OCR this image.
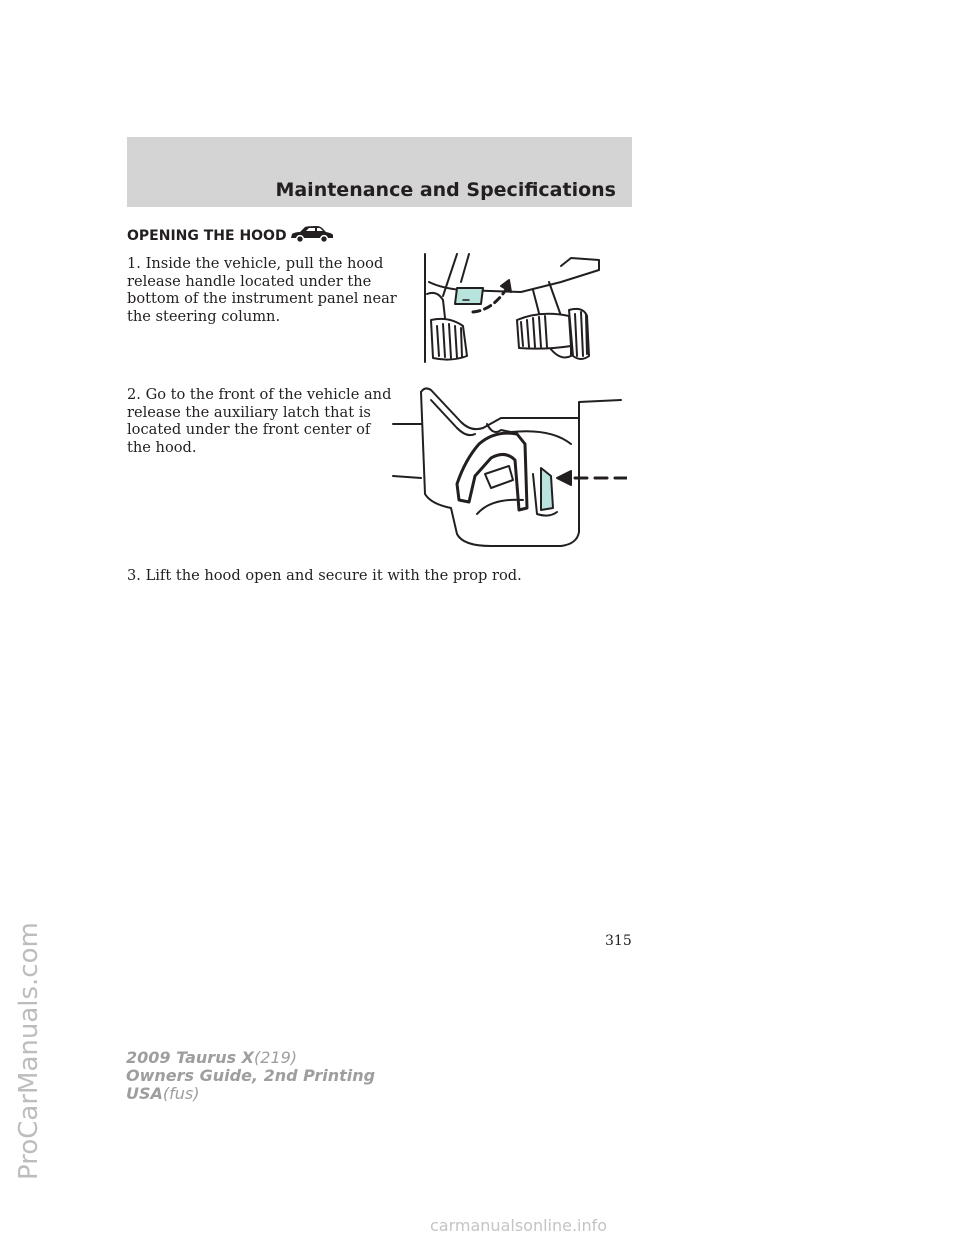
Maintenance and Specifications
OPENING THE HOOD
1. Inside the vehicle, pull the hood
release handle located under the
bottom of the instrument panel near
the steering column.
2. Go to the front of the vehicle and
release the auxiliary latch that is
located under the front center of
the hood.
3. Lift the hood open and secure it with the prop rod.
315
2009 Taurus X(219)
Owners Guide, 2nd Printing
USA(fus)
ProCarManuals.com
carmanualsonline.info
